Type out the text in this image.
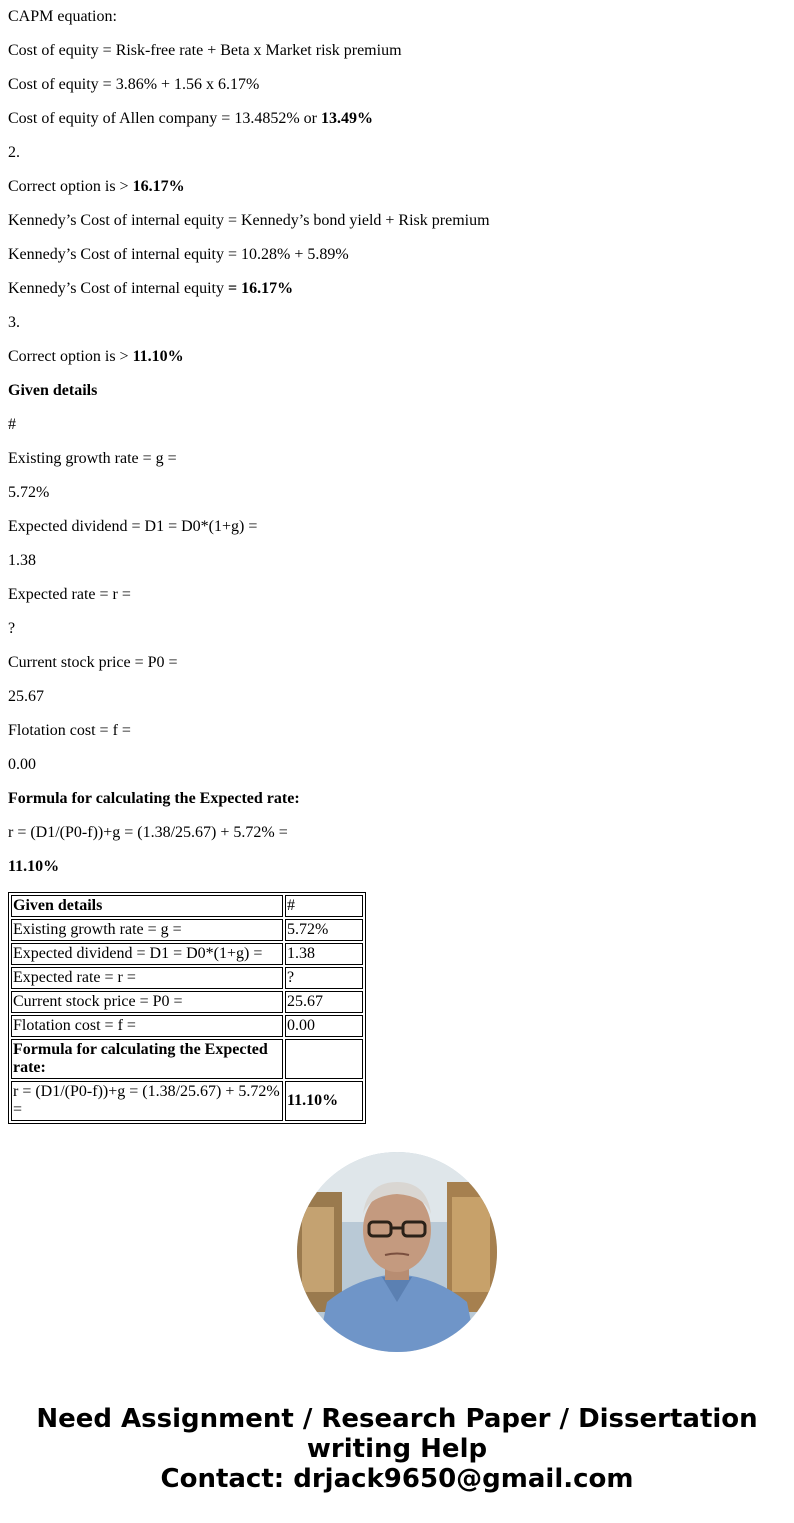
CAPM equation:

Cost of equity = Risk-free rate + Beta x Market risk premium

Cost of equity = 3.86% + 1.56 x 6.17%

Cost of equity of Allen company = 13.4852% or 13.49%

2.

Correct option is > 16.17%

Kennedy’s Cost of internal equity = Kennedy’s bond yield + Risk premium

Kennedy’s Cost of internal equity = 10.28% + 5.89%

Kennedy’s Cost of internal equity = 16.17%

3.

Correct option is > 11.10%

Given details

#

Existing growth rate = g =

5.72%

Expected dividend = D1 = D0*(1+g) =

1.38

Expected rate = r =

?

Current stock price = P0 =

25.67

Flotation cost = f =

0.00

Formula for calculating the Expected rate:

r = (D1/(P0-f))+g = (1.38/25.67) + 5.72% =

11.10%

Given details	#
Existing growth rate = g =	5.72%
Expected dividend = D1 = D0*(1+g) =	1.38
Expected rate = r =	?
Current stock price = P0 =	25.67
Flotation cost = f =	0.00
Formula for calculating the Expected rate:	
r = (D1/(P0-f))+g = (1.38/25.67) + 5.72% =	11.10%
Need Assignment / Research Paper / Dissertation
writing Help
Contact: drjack9650@gmail.com
